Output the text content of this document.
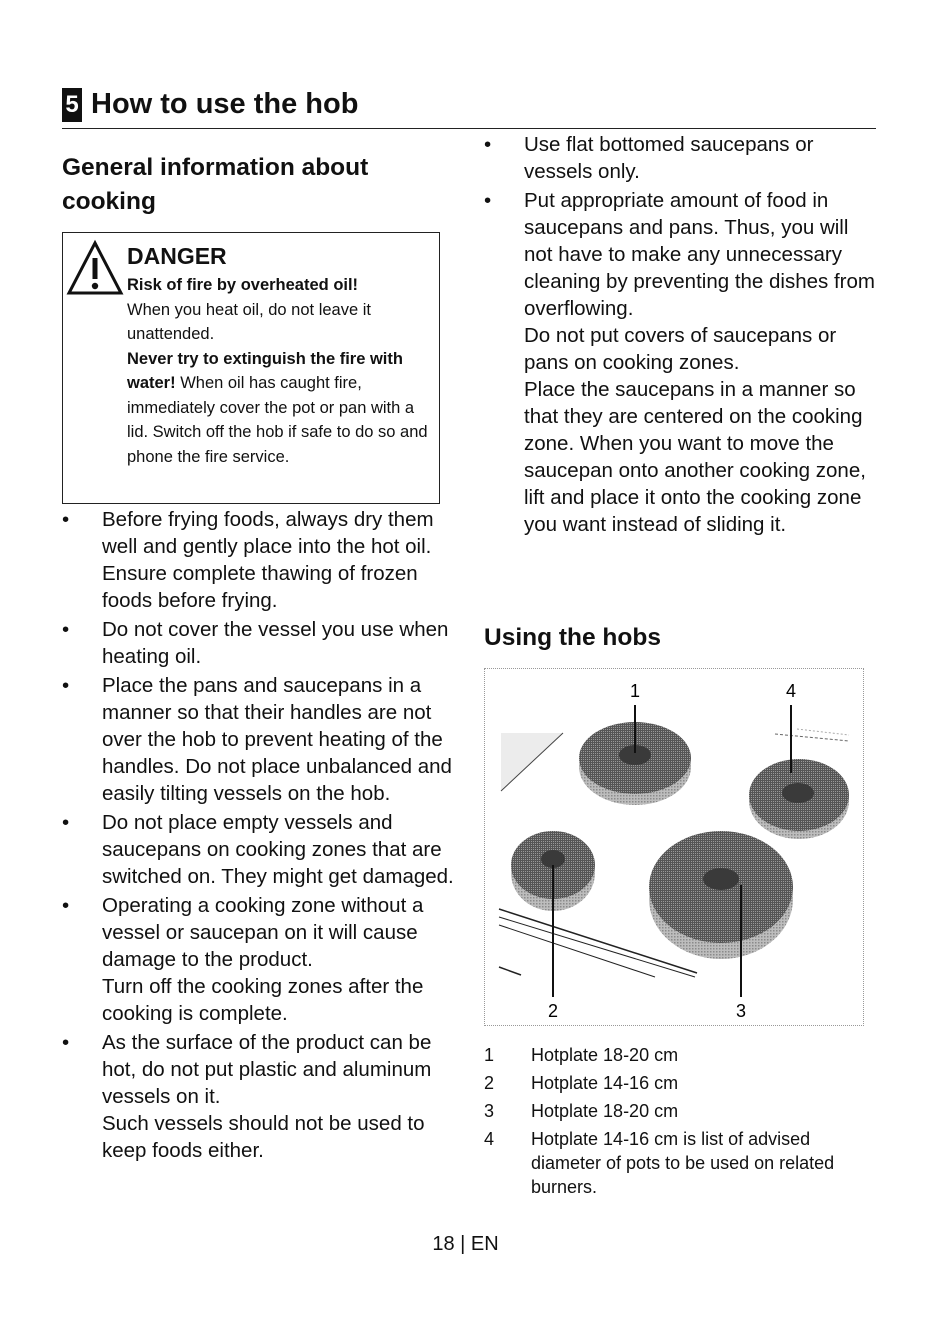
5 How to use the hob
General information about cooking
DANGER

Risk of fire by overheated oil!

When you heat oil, do not leave it unattended.

Never try to extinguish the fire with water! When oil has caught fire, immediately cover the pot or pan with a lid. Switch off the hob if safe to do so and phone the fire service.

• Before frying foods, always dry them well and gently place into the hot oil. Ensure complete thawing of frozen foods before frying.

• Do not cover the vessel you use when heating oil.

• Place the pans and saucepans in a manner so that their handles are not over the hob to prevent heating of the handles. Do not place unbalanced and easily tilting vessels on the hob.

• Do not place empty vessels and saucepans on cooking zones that are switched on. They might get damaged.

• Operating a cooking zone without a vessel or saucepan on it will cause damage to the product.

Turn off the cooking zones after the cooking is complete.

• As the surface of the product can be hot, do not put plastic and aluminum vessels on it.

Such vessels should not be used to keep foods either.

• Use flat bottomed saucepans or vessels only.

• Put appropriate amount of food in saucepans and pans. Thus, you will not have to make any unnecessary cleaning by preventing the dishes from overflowing.

Do not put covers of saucepans or pans on cooking zones.

Place the saucepans in a manner so that they are centered on the cooking zone. When you want to move the saucepan onto another cooking zone, lift and place it onto the cooking zone you want instead of sliding it.

Using the hobs
1	4
2	3
1	Hotplate 18-20 cm
2	Hotplate 14-16 cm
3	Hotplate 18-20 cm
4	Hotplate 14-16 cm is list of advised diameter of pots to be used on related burners.
18 | EN
